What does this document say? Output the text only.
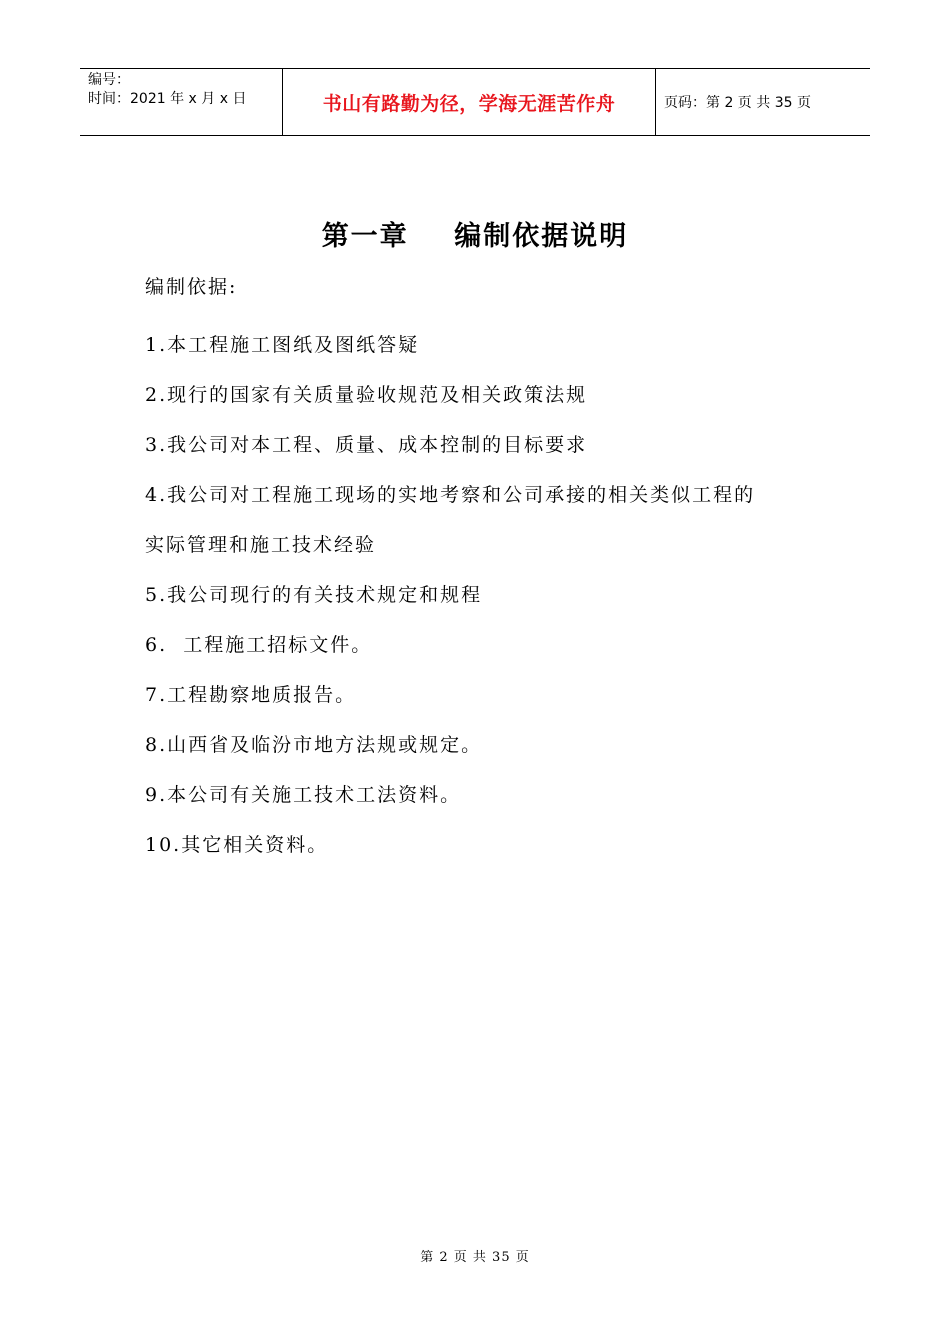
编号：
时间：2021 年 x 月 x 日	书山有路勤为径，学海无涯苦作舟	页码：第 2 页 共 35 页
第一章    编制依据说明
编制依据:
1.本工程施工图纸及图纸答疑
2.现行的国家有关质量验收规范及相关政策法规
3.我公司对本工程、质量、成本控制的目标要求
4.我公司对工程施工现场的实地考察和公司承接的相关类似工程的
实际管理和施工技术经验
5.我公司现行的有关技术规定和规程
6.  工程施工招标文件。
7.工程勘察地质报告。
8.山西省及临汾市地方法规或规定。
9.本公司有关施工技术工法资料。
10.其它相关资料。
第 2 页 共 35 页
